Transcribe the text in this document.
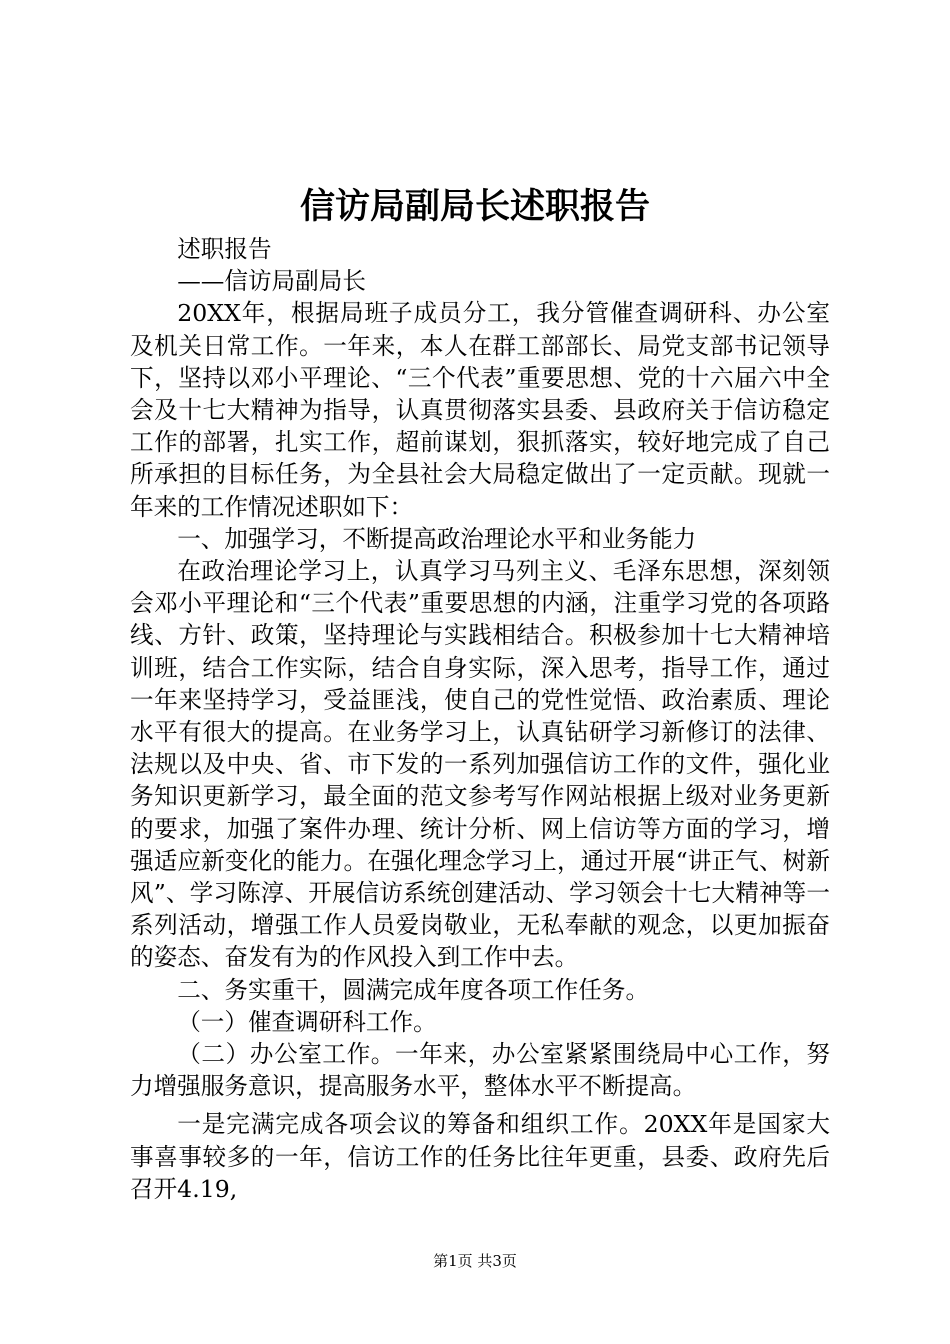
信访局副局长述职报告

述职报告

——信访局副局长

20XX年，根据局班子成员分工，我分管催查调研科、办公室及机关日常工作。一年来，本人在群工部部长、局党支部书记领导下，坚持以邓小平理论、“三个代表”重要思想、党的十六届六中全会及十七大精神为指导，认真贯彻落实县委、县政府关于信访稳定工作的部署，扎实工作，超前谋划，狠抓落实，较好地完成了自己所承担的目标任务，为全县社会大局稳定做出了一定贡献。现就一年来的工作情况述职如下：

一、加强学习，不断提高政治理论水平和业务能力

在政治理论学习上，认真学习马列主义、毛泽东思想，深刻领会邓小平理论和“三个代表”重要思想的内涵，注重学习党的各项路线、方针、政策，坚持理论与实践相结合。积极参加十七大精神培训班，结合工作实际，结合自身实际，深入思考，指导工作，通过一年来坚持学习，受益匪浅，使自己的党性觉悟、政治素质、理论水平有很大的提高。在业务学习上，认真钻研学习新修订的法律、法规以及中央、省、市下发的一系列加强信访工作的文件，强化业务知识更新学习，最全面的范文参考写作网站根据上级对业务更新的要求，加强了案件办理、统计分析、网上信访等方面的学习，增强适应新变化的能力。在强化理念学习上，通过开展“讲正气、树新风”、学习陈淳、开展信访系统创建活动、学习领会十七大精神等一系列活动，增强工作人员爱岗敬业，无私奉献的观念，以更加振奋的姿态、奋发有为的作风投入到工作中去。

二、务实重干，圆满完成年度各项工作任务。

（一）催查调研科工作。

（二）办公室工作。一年来，办公室紧紧围绕局中心工作，努力增强服务意识，提高服务水平，整体水平不断提高。

一是完满完成各项会议的筹备和组织工作。20XX年是国家大事喜事较多的一年，信访工作的任务比往年更重，县委、政府先后召开4.19,

第1页 共3页
